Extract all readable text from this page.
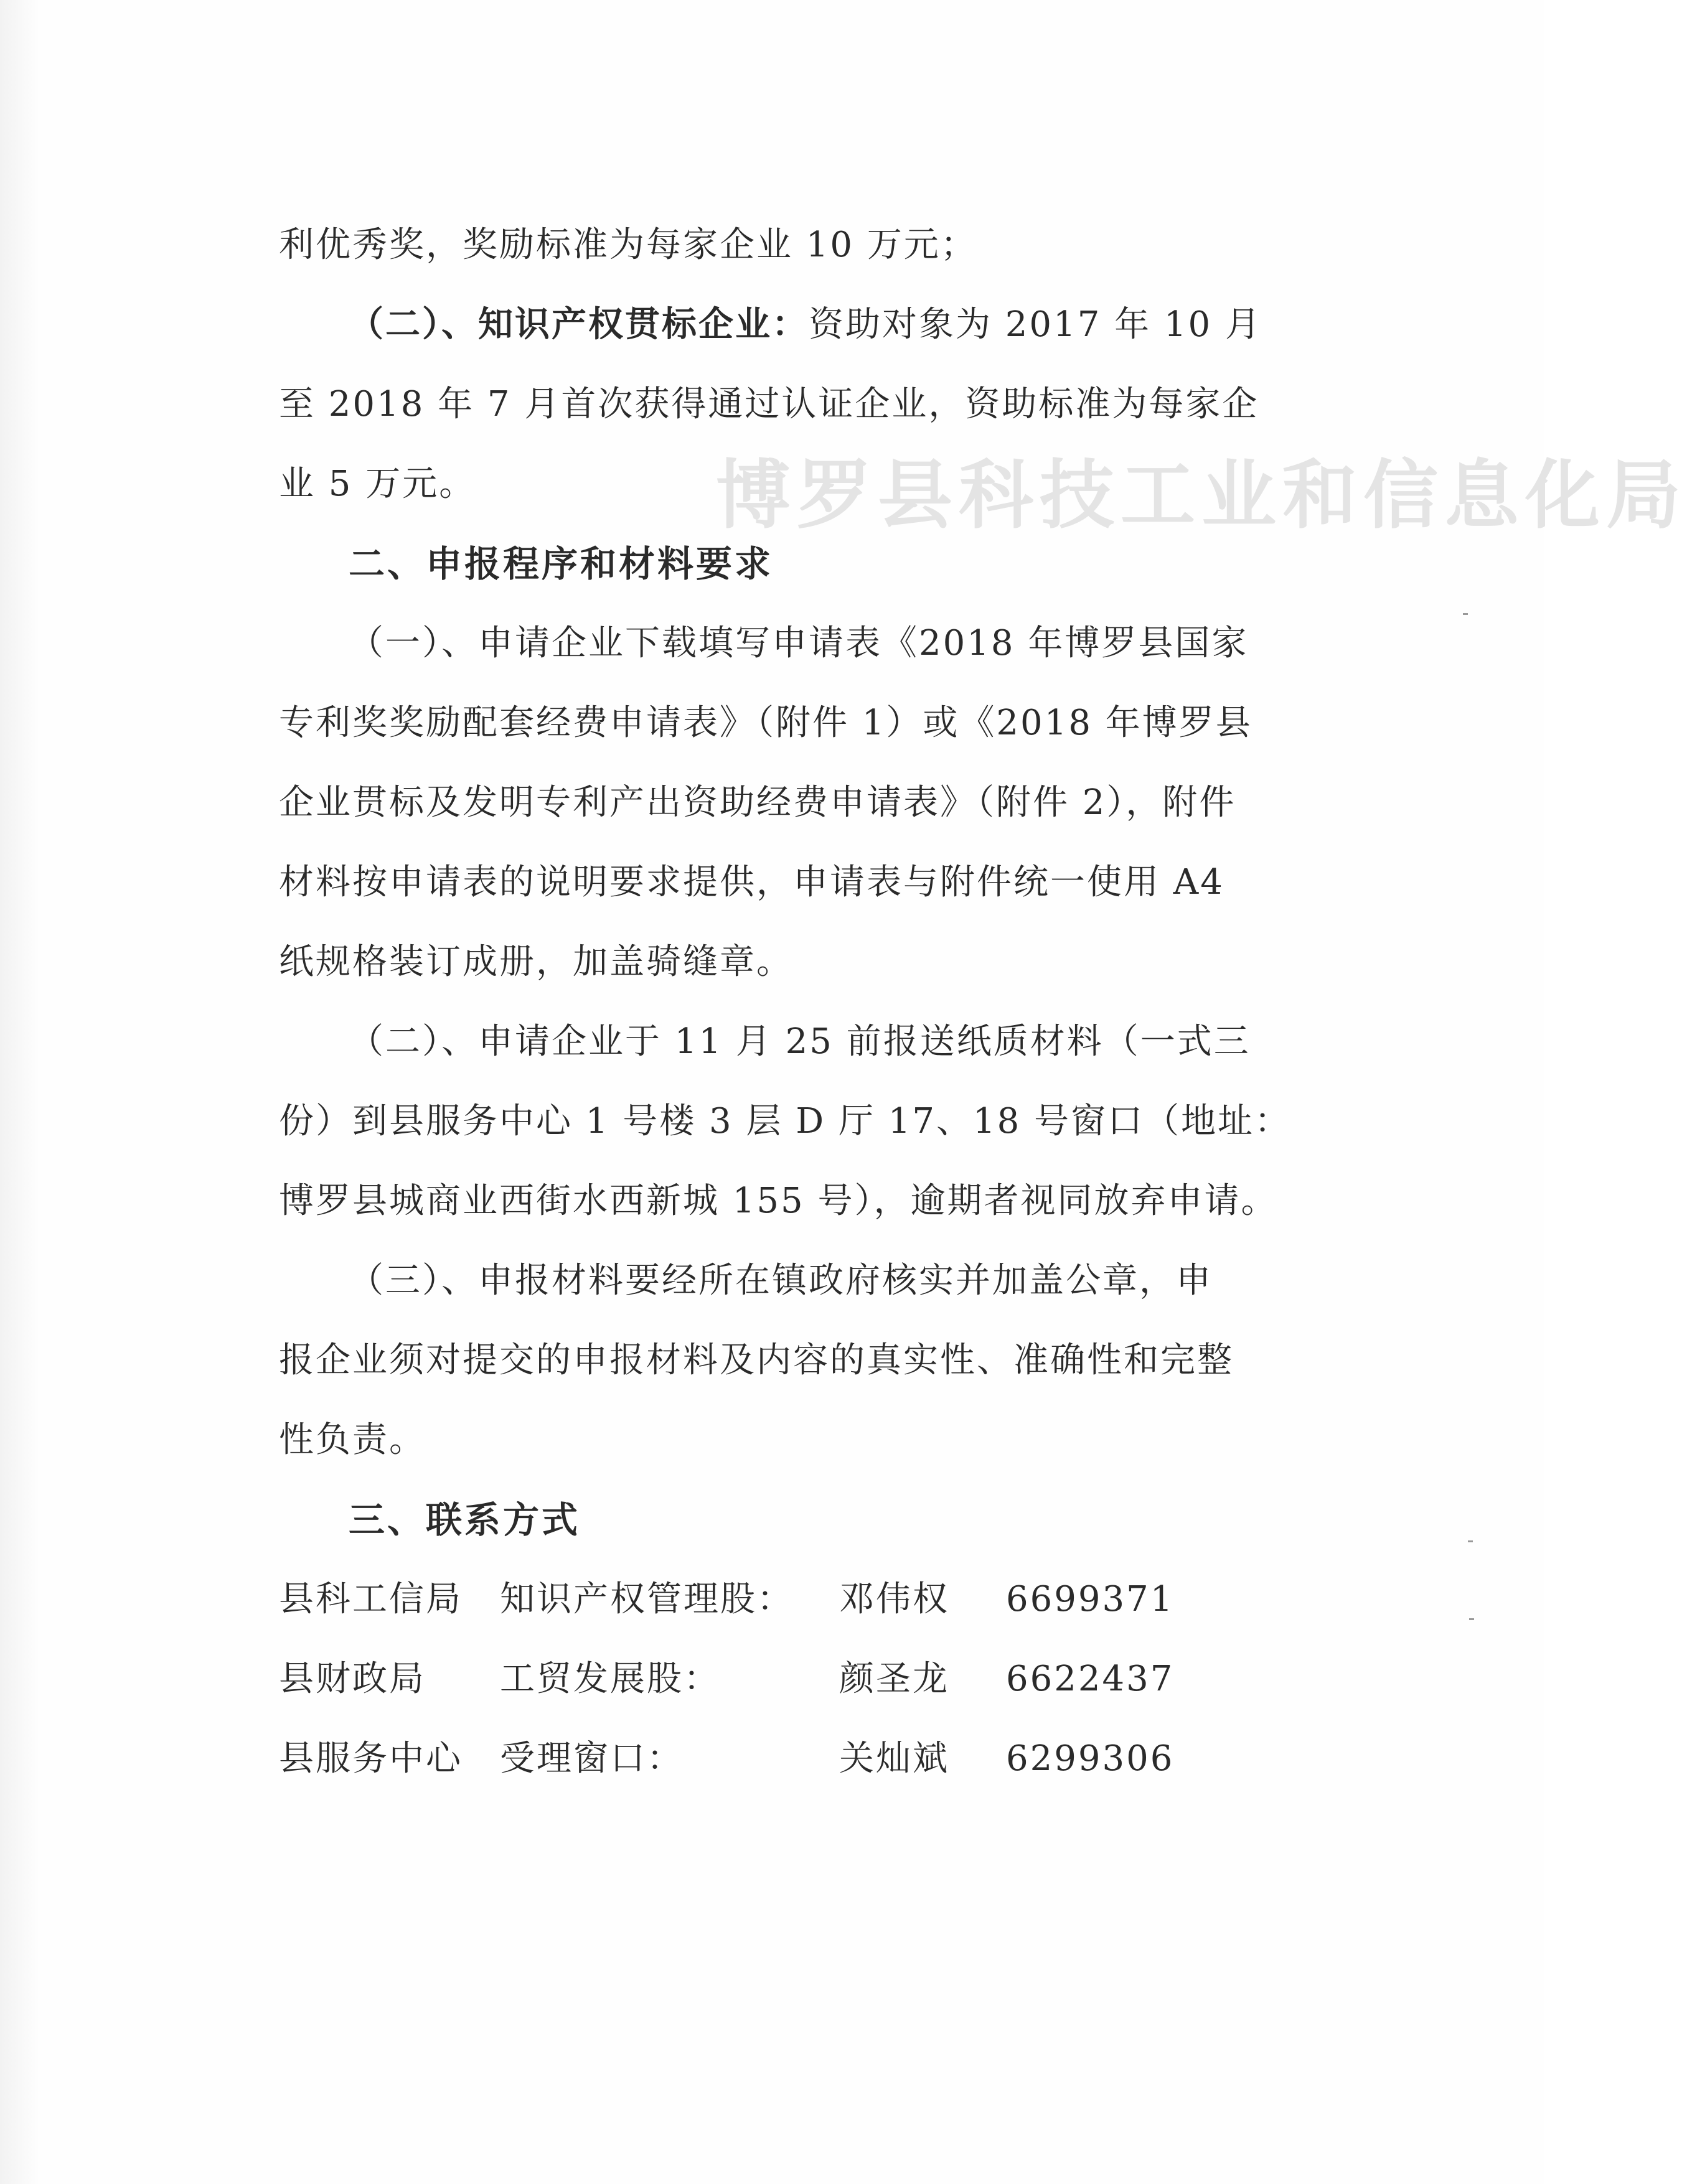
博罗县科技工业和信息化局
利优秀奖，奖励标准为每家企业 10 万元；
（二）、知识产权贯标企业：资助对象为 2017 年 10 月
至 2018 年 7 月首次获得通过认证企业，资助标准为每家企
业 5 万元。
二、申报程序和材料要求
（一）、申请企业下载填写申请表《2018 年博罗县国家
专利奖奖励配套经费申请表》（附件 1）或《2018 年博罗县
企业贯标及发明专利产出资助经费申请表》（附件 2），附件
材料按申请表的说明要求提供，申请表与附件统一使用 A4
纸规格装订成册，加盖骑缝章。
（二）、申请企业于 11 月 25 前报送纸质材料（一式三
份）到县服务中心 1 号楼 3 层 D 厅 17、18 号窗口（地址：
博罗县城商业西街水西新城 155 号），逾期者视同放弃申请。
（三）、申报材料要经所在镇政府核实并加盖公章，申
报企业须对提交的申报材料及内容的真实性、准确性和完整
性负责。
三、联系方式
县科工信局 知识产权管理股： 邓伟权 6699371
县财政局 工贸发展股：	颜圣龙 6622437
县服务中心 受理窗口：	关灿斌 6299306
